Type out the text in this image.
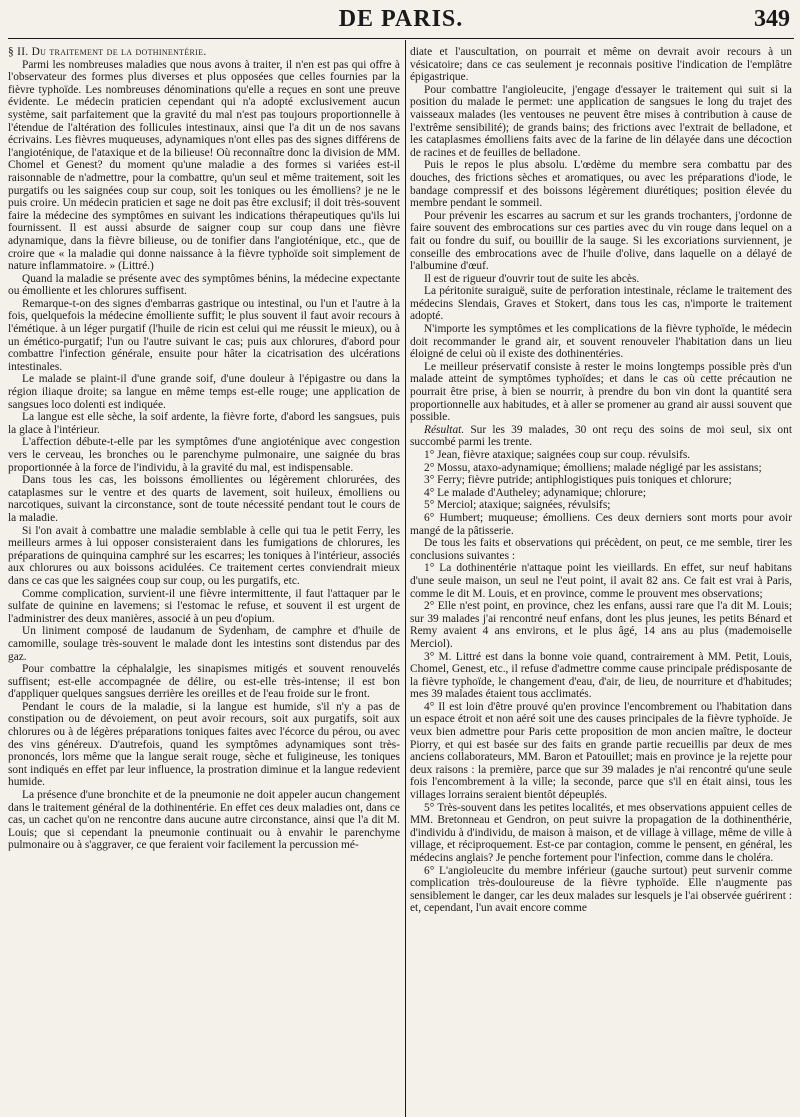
DE PARIS.	349

§ II. Du traitement de la dothinentérie.

Parmi les nombreuses maladies que nous avons à traiter, il n'en est pas qui offre à l'observateur des formes plus diverses et plus opposées que celles fournies par la fièvre typhoïde. Les nombreuses dénominations qu'elle a reçues en sont une preuve évidente. Le médecin praticien cependant qui n'a adopté exclusivement aucun système, sait parfaitement que la gravité du mal n'est pas toujours proportionnelle à l'étendue de l'altération des follicules intestinaux, ainsi que l'a dit un de nos savans écrivains. Les fièvres muqueuses, adynamiques n'ont elles pas des signes différens de l'angioténique, de l'ataxique et de la bilieuse! Où reconnaître donc la division de MM. Chomel et Genest? du moment qu'une maladie a des formes si variées est-il raisonnable de n'admettre, pour la combattre, qu'un seul et même traitement, soit les purgatifs ou les saignées coup sur coup, soit les toniques ou les émolliens? je ne le puis croire. Un médecin praticien et sage ne doit pas être exclusif; il doit très-souvent faire la médecine des symptômes en suivant les indications thérapeutiques qu'ils lui fournissent. Il est aussi absurde de saigner coup sur coup dans une fièvre adynamique, dans la fièvre bilieuse, ou de tonifier dans l'angioténique, etc., que de croire que « la maladie qui donne naissance à la fièvre typhoïde soit simplement de nature inflammatoire. » (Littré.)

Quand la maladie se présente avec des symptômes bénins, la médecine expectante ou émolliente et les chlorures suffisent.

Remarque-t-on des signes d'embarras gastrique ou intestinal, ou l'un et l'autre à la fois, quelquefois la médecine émolliente suffit; le plus souvent il faut avoir recours à l'émétique. à un léger purgatif (l'huile de ricin est celui qui me réussit le mieux), ou à un émético-purgatif; l'un ou l'autre suivant le cas; puis aux chlorures, d'abord pour combattre l'infection générale, ensuite pour hâter la cicatrisation des ulcérations intestinales.

Le malade se plaint-il d'une grande soif, d'une douleur à l'épigastre ou dans la région iliaque droite; sa langue en même temps est-elle rouge; une application de sangsues loco dolenti est indiquée.

La langue est elle sèche, la soif ardente, la fièvre forte, d'abord les sangsues, puis la glace à l'intérieur.

L'affection débute-t-elle par les symptômes d'une angioténique avec congestion vers le cerveau, les bronches ou le parenchyme pulmonaire, une saignée du bras proportionnée à la force de l'individu, à la gravité du mal, est indispensable.

Dans tous les cas, les boissons émollientes ou légèrement chlorurées, des cataplasmes sur le ventre et des quarts de lavement, soit huileux, émolliens ou narcotiques, suivant la circonstance, sont de toute nécessité pendant tout le cours de la maladie.

Si l'on avait à combattre une maladie semblable à celle qui tua le petit Ferry, les meilleurs armes à lui opposer consisteraient dans les fumigations de chlorures, les préparations de quinquina camphré sur les escarres; les toniques à l'intérieur, associés aux chlorures ou aux boissons acidulées. Ce traitement certes conviendrait mieux dans ce cas que les saignées coup sur coup, ou les purgatifs, etc.

Comme complication, survient-il une fièvre intermittente, il faut l'attaquer par le sulfate de quinine en lavemens; si l'estomac le refuse, et souvent il est urgent de l'administrer des deux manières, associé à un peu d'opium.

Un liniment composé de laudanum de Sydenham, de camphre et d'huile de camomille, soulage très-souvent le malade dont les intestins sont distendus par des gaz.

Pour combattre la céphalalgie, les sinapismes mitigés et souvent renouvelés suffisent; est-elle accompagnée de délire, ou est-elle très-intense; il est bon d'appliquer quelques sangsues derrière les oreilles et de l'eau froide sur le front.

Pendant le cours de la maladie, si la langue est humide, s'il n'y a pas de constipation ou de dévoiement, on peut avoir recours, soit aux purgatifs, soit aux chlorures ou à de légères préparations toniques faites avec l'écorce du pérou, ou avec des vins généreux. D'autrefois, quand les symptômes adynamiques sont très-prononcés, lors même que la langue serait rouge, sèche et fuligineuse, les toniques sont indiqués en effet par leur influence, la prostration diminue et la langue redevient humide.

La présence d'une bronchite et de la pneumonie ne doit appeler aucun changement dans le traitement général de la dothinentérie. En effet ces deux maladies ont, dans ce cas, un cachet qu'on ne rencontre dans aucune autre circonstance, ainsi que l'a dit M. Louis; que si cependant la pneumonie continuait ou à envahir le parenchyme pulmonaire ou à s'aggraver, ce que feraient voir facilement la percussion mé-

diate et l'auscultation, on pourrait et même on devrait avoir recours à un vésicatoire; dans ce cas seulement je reconnais positive l'indication de l'emplâtre épigastrique.

Pour combattre l'angioleucite, j'engage d'essayer le traitement qui suit si la position du malade le permet: une application de sangsues le long du trajet des vaisseaux malades (les ventouses ne peuvent être mises à contribution à cause de l'extrême sensibilité); de grands bains; des frictions avec l'extrait de belladone, et les cataplasmes émolliens faits avec de la farine de lin délayée dans une décoction de racines et de feuilles de belladone.

Puis le repos le plus absolu. L'œdème du membre sera combattu par des douches, des frictions sèches et aromatiques, ou avec les préparations d'iode, le bandage compressif et des boissons légèrement diurétiques; position élevée du membre pendant le sommeil.

Pour prévenir les escarres au sacrum et sur les grands trochanters, j'ordonne de faire souvent des embrocations sur ces parties avec du vin rouge dans lequel on a fait ou fondre du suif, ou bouillir de la sauge. Si les excoriations surviennent, je conseille des embrocations avec de l'huile d'olive, dans laquelle on a délayé de l'albumine d'œuf.

Il est de rigueur d'ouvrir tout de suite les abcès.

La péritonite suraiguë, suite de perforation intestinale, réclame le traitement des médecins Slendais, Graves et Stokert, dans tous les cas, n'importe le traitement adopté.

N'importe les symptômes et les complications de la fièvre typhoïde, le médecin doit recommander le grand air, et souvent renouveler l'habitation dans un lieu éloigné de celui où il existe des dothinentéries.

Le meilleur préservatif consiste à rester le moins longtemps possible près d'un malade atteint de symptômes typhoïdes; et dans le cas où cette précaution ne pourrait être prise, à bien se nourrir, à prendre du bon vin dont la quantité sera proportionnelle aux habitudes, et à aller se promener au grand air aussi souvent que possible.

Résultat. Sur les 39 malades, 30 ont reçu des soins de moi seul, six ont succombé parmi les trente.

1° Jean, fièvre ataxique; saignées coup sur coup. révulsifs.

2° Mossu, ataxo-adynamique; émolliens; malade négligé par les assistans;

3° Ferry; fièvre putride; antiphlogistiques puis toniques et chlorure;

4° Le malade d'Autheley; adynamique; chlorure;

5° Merciol; ataxique; saignées, révulsifs;

6° Humbert; muqueuse; émolliens. Ces deux derniers sont morts pour avoir mangé de la pâtisserie.

De tous les faits et observations qui précèdent, on peut, ce me semble, tirer les conclusions suivantes :

1° La dothinentérie n'attaque point les vieillards. En effet, sur neuf habitans d'une seule maison, un seul ne l'eut point, il avait 82 ans. Ce fait est vrai à Paris, comme le dit M. Louis, et en province, comme le prouvent mes observations;

2° Elle n'est point, en province, chez les enfans, aussi rare que l'a dit M. Louis; sur 39 malades j'ai rencontré neuf enfans, dont les plus jeunes, les petits Bénard et Remy avaient 4 ans environs, et le plus âgé, 14 ans au plus (mademoiselle Merciol).

3° M. Littré est dans la bonne voie quand, contrairement à MM. Petit, Louis, Chomel, Genest, etc., il refuse d'admettre comme cause principale prédisposante de la fièvre typhoïde, le changement d'eau, d'air, de lieu, de nourriture et d'habitudes; mes 39 malades étaient tous acclimatés.

4° Il est loin d'être prouvé qu'en province l'encombrement ou l'habitation dans un espace étroit et non aéré soit une des causes principales de la fièvre typhoïde. Je veux bien admettre pour Paris cette proposition de mon ancien maître, le docteur Piorry, et qui est basée sur des faits en grande partie recueillis par deux de mes anciens collaborateurs, MM. Baron et Patouillet; mais en province je la rejette pour deux raisons : la première, parce que sur 39 malades je n'ai rencontré qu'une seule fois l'encombrement à la ville; la seconde, parce que s'il en était ainsi, tous les villages lorrains seraient bientôt dépeuplés.

5° Très-souvent dans les petites localités, et mes observations appuient celles de MM. Bretonneau et Gendron, on peut suivre la propagation de la dothinenthérie, d'individu à d'individu, de maison à maison, et de village à village, même de ville à village, et réciproquement. Est-ce par contagion, comme le pensent, en général, les médecins anglais? Je penche fortement pour l'infection, comme dans le choléra.

6° L'angioleucite du membre inférieur (gauche surtout) peut survenir comme complication très-douloureuse de la fièvre typhoïde. Elle n'augmente pas sensiblement le danger, car les deux malades sur lesquels je l'ai observée guérirent : et, cependant, l'un avait encore comme
